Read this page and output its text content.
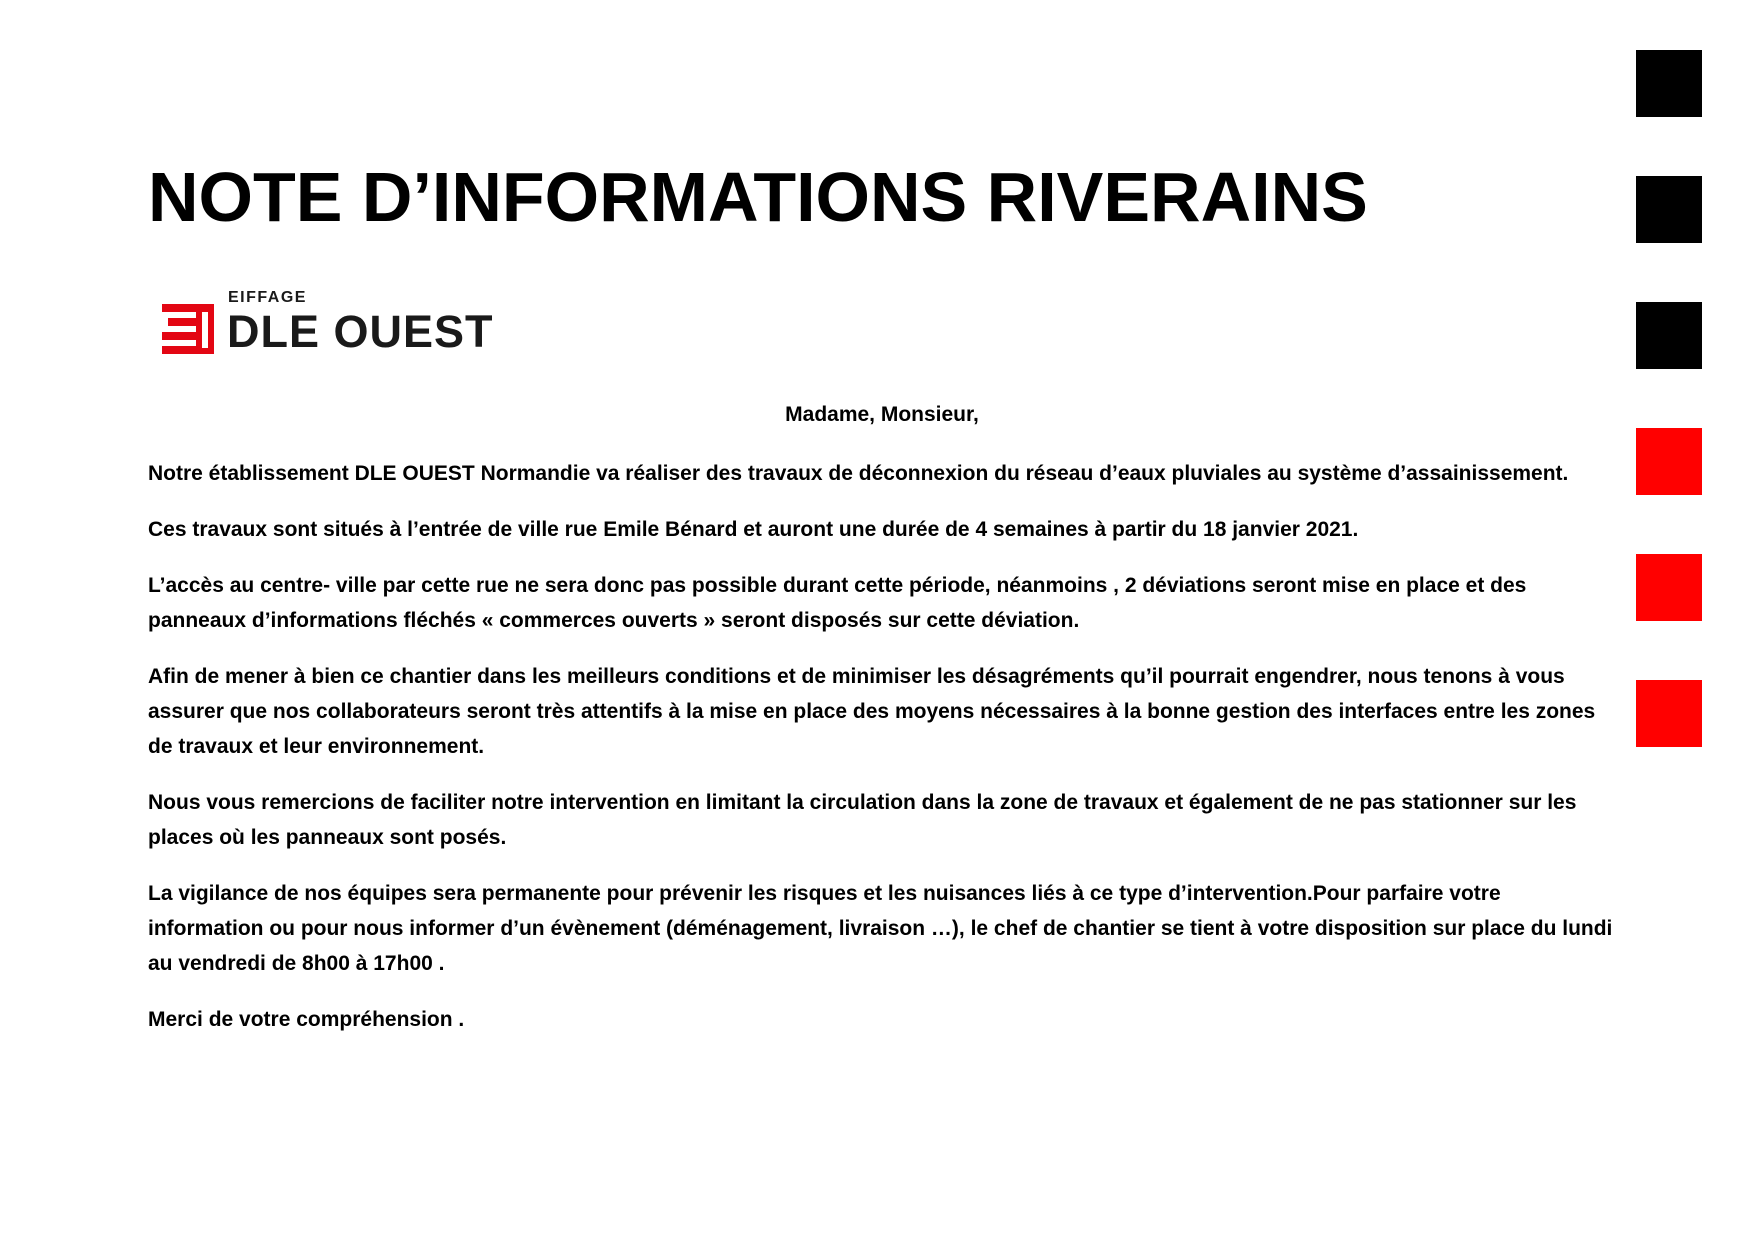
NOTE D’INFORMATIONS RIVERAINS
EIFFAGE
DLE OUEST

Madame, Monsieur,

Notre établissement DLE OUEST Normandie va réaliser des travaux de déconnexion du réseau d’eaux pluviales au système d’assainissement.

Ces travaux sont situés à l’entrée de ville rue Emile Bénard et auront une durée de 4 semaines à partir du 18 janvier 2021.

L’accès au centre- ville par cette rue ne sera donc pas possible durant cette période, néanmoins , 2 déviations seront mise en place et des panneaux d’informations fléchés « commerces ouverts » seront disposés sur cette déviation.

Afin de mener à bien ce chantier dans les meilleurs conditions et de minimiser les désagréments qu’il pourrait engendrer, nous tenons à vous assurer que nos collaborateurs seront très attentifs à la mise en place des moyens nécessaires à la bonne gestion des interfaces entre les zones de travaux et leur environnement.

Nous vous remercions de faciliter notre intervention en limitant la circulation dans la zone de travaux et également de ne pas stationner sur les places où les panneaux sont posés.

La vigilance de nos équipes sera permanente pour prévenir les risques et les nuisances liés à ce type d’intervention.Pour parfaire votre information ou pour nous informer d’un évènement (déménagement, livraison …), le chef de chantier se tient à votre disposition sur place du lundi au vendredi de 8h00 à 17h00 .

Merci de votre compréhension .
